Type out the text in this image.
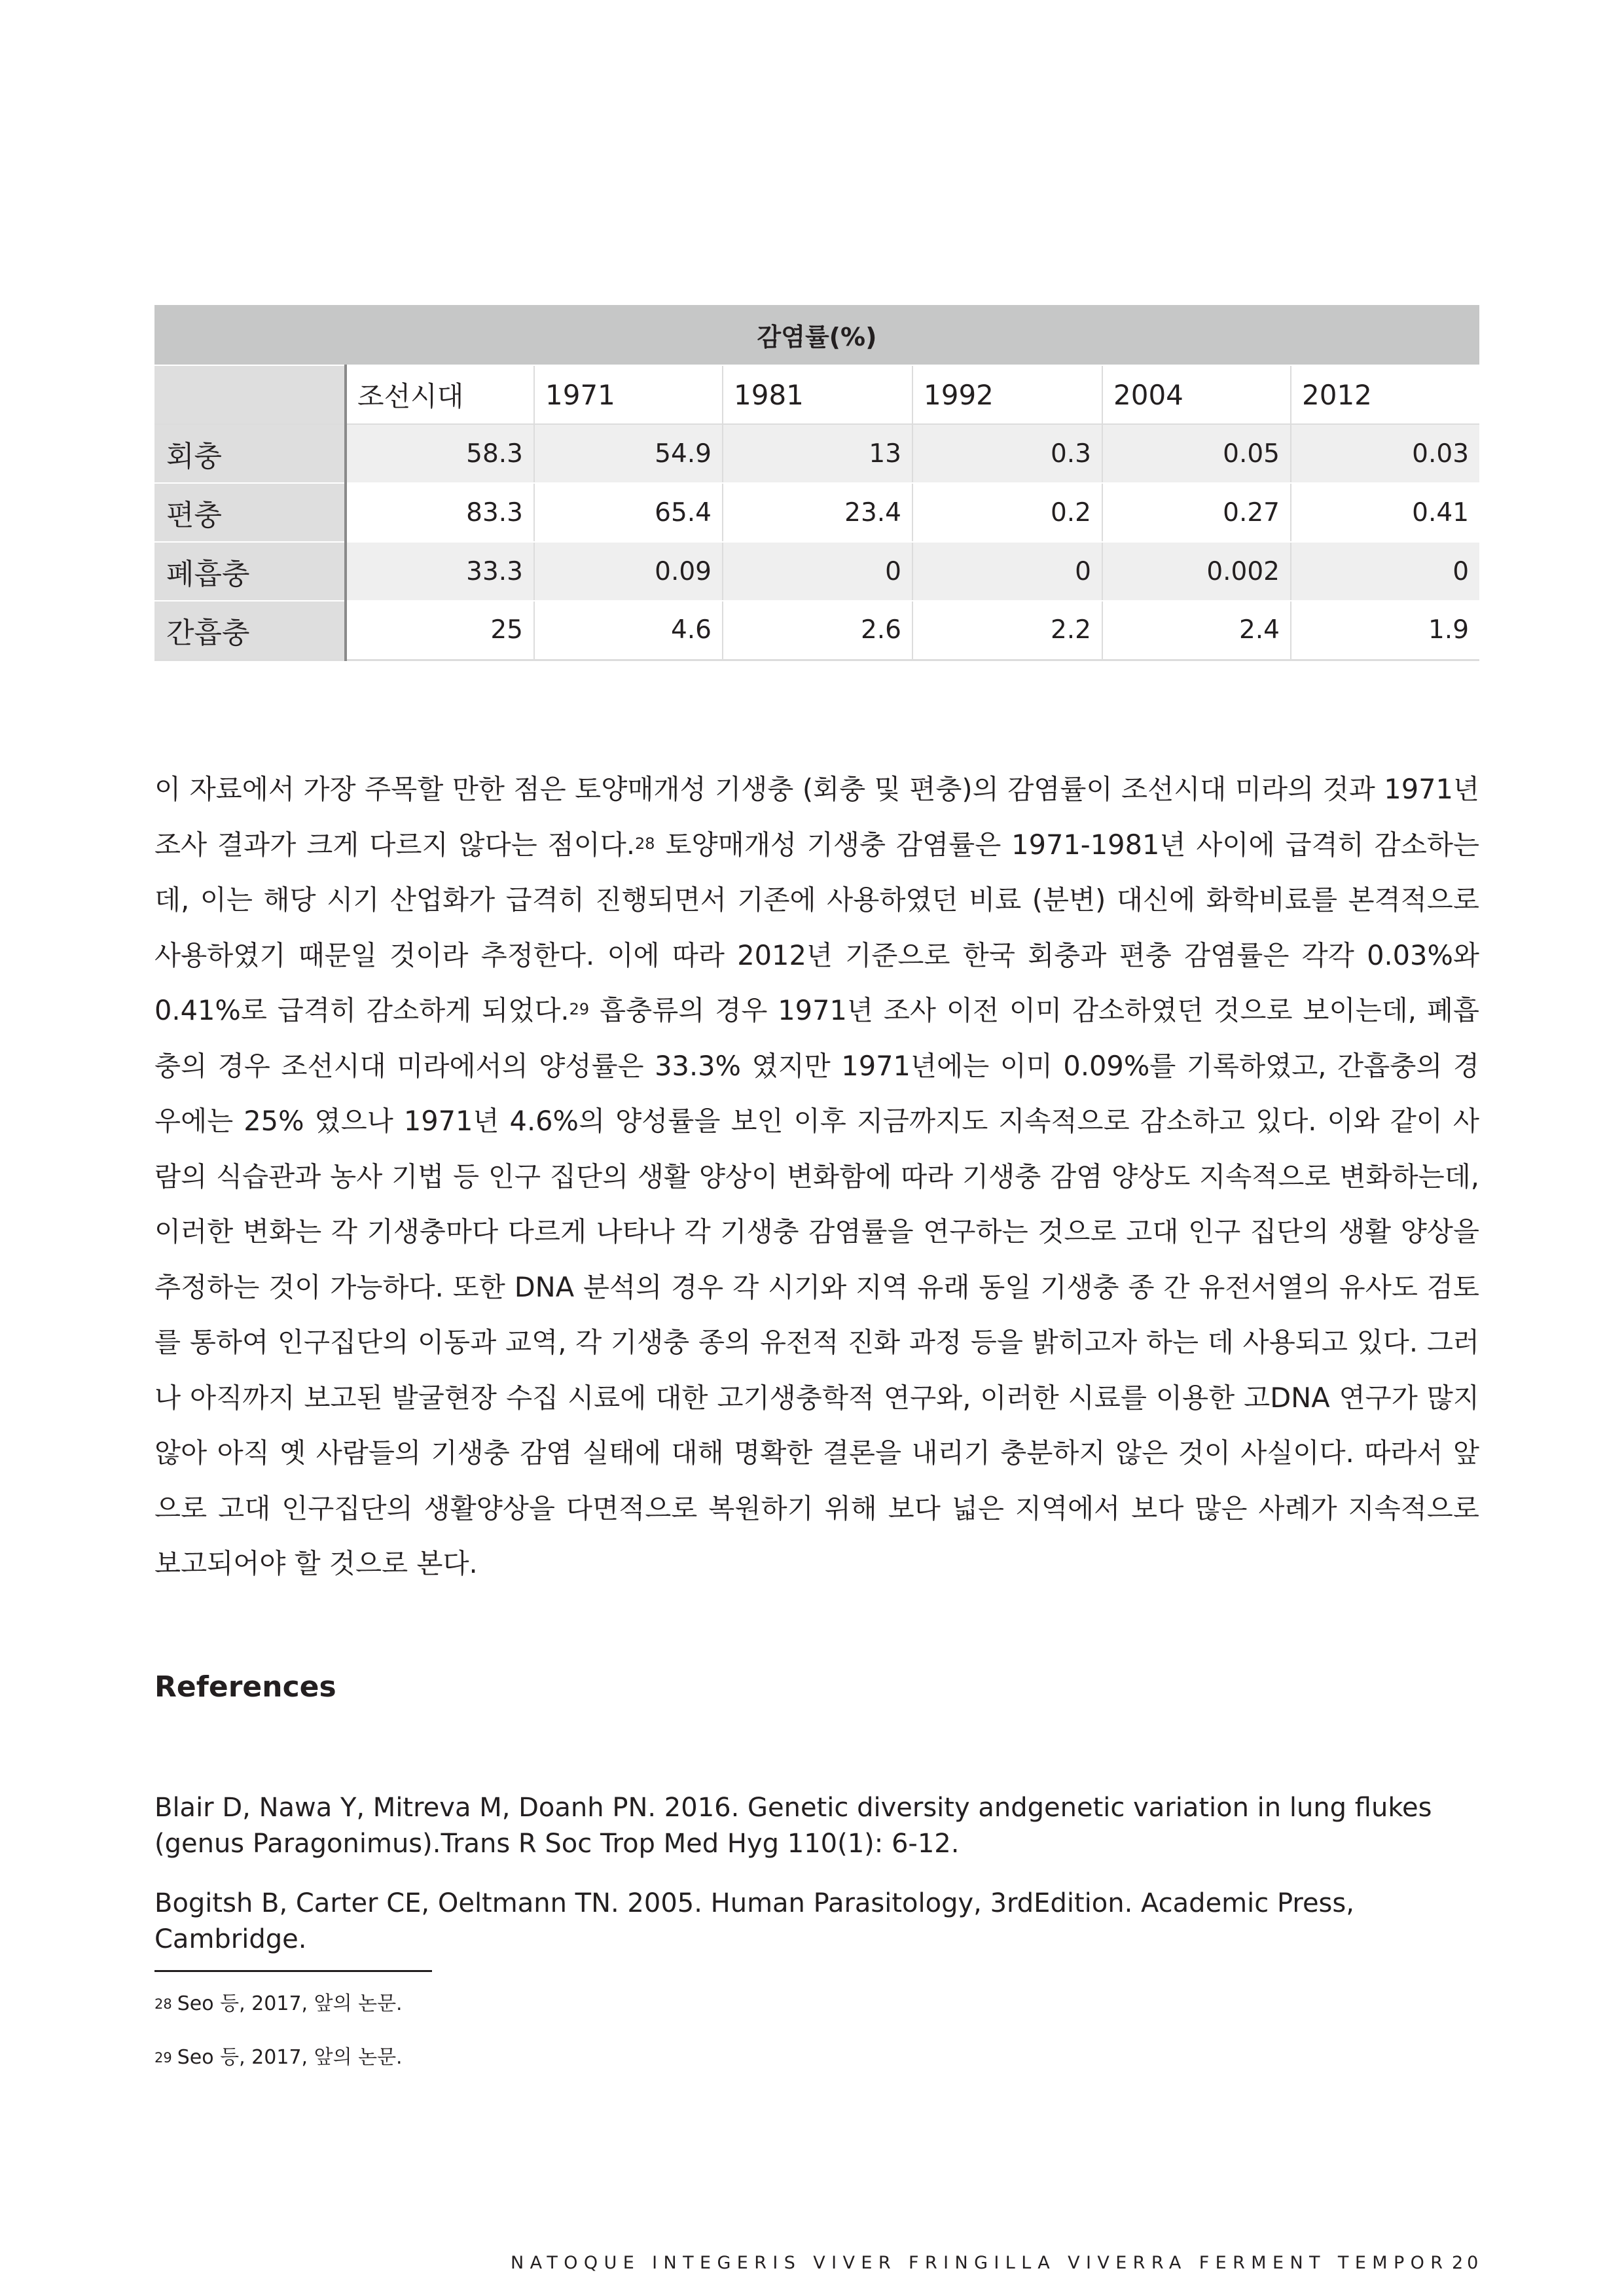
감염률(%)						
	조선시대	1971	1981	1992	2004	2012
회충	58.3	54.9	13	0.3	0.05	0.03
편충	83.3	65.4	23.4	0.2	0.27	0.41
폐흡충	33.3	0.09	0	0	0.002	0
간흡충	25	4.6	2.6	2.2	2.4	1.9

이 자료에서 가장 주목할 만한 점은 토양매개성 기생충 (회충 및 편충)의 감염률이 조선시대 미라의 것과 1971년 조사 결과가 크게 다르지 않다는 점이다.$^{28}$ 토양매개성 기생충 감염률은 1971-1981년 사이에 급격히 감소하는데, 이는 해당 시기 산업화가 급격히 진행되면서 기존에 사용하였던 비료 (분변) 대신에 화학비료를 본격적으로 사용하였기 때문일 것이라 추정한다. 이에 따라 2012년 기준으로 한국 회충과 편충 감염률은 각각 0.03%와 0.41%로 급격히 감소하게 되었다.$^{29}$ 흡충류의 경우 1971년 조사 이전 이미 감소하였던 것으로 보이는데, 폐흡충의 경우 조선시대 미라에서의 양성률은 33.3% 였지만 1971년에는 이미 0.09%를 기록하였고, 간흡충의 경우에는 25% 였으나 1971년 4.6%의 양성률을 보인 이후 지금까지도 지속적으로 감소하고 있다. 이와 같이 사람의 식습관과 농사 기법 등 인구 집단의 생활 양상이 변화함에 따라 기생충 감염 양상도 지속적으로 변화하는데, 이러한 변화는 각 기생충마다 다르게 나타나 각 기생충 감염률을 연구하는 것으로 고대 인구 집단의 생활 양상을 추정하는 것이 가능하다. 또한 DNA 분석의 경우 각 시기와 지역 유래 동일 기생충 종 간 유전서열의 유사도 검토를 통하여 인구집단의 이동과 교역, 각 기생충 종의 유전적 진화 과정 등을 밝히고자 하는 데 사용되고 있다. 그러나 아직까지 보고된 발굴현장 수집 시료에 대한 고기생충학적 연구와, 이러한 시료를 이용한 고DNA 연구가 많지 않아 아직 옛 사람들의 기생충 감염 실태에 대해 명확한 결론을 내리기 충분하지 않은 것이 사실이다. 따라서 앞으로 고대 인구집단의 생활양상을 다면적으로 복원하기 위해 보다 넓은 지역에서 보다 많은 사례가 지속적으로 보고되어야 할 것으로 본다.

References

Blair D, Nawa Y, Mitreva M, Doanh PN. 2016. Genetic diversity andgenetic variation in lung flukes (genus Paragonimus).Trans R Soc Trop Med Hyg 110(1): 6-12.

Bogitsh B, Carter CE, Oeltmann TN. 2005. Human Parasitology, 3rdEdition. Academic Press, Cambridge.

$^{28}$ Seo 등, 2017, 앞의 논문.
$^{29}$ Seo 등, 2017, 앞의 논문.
NATOQUE INTEGERIS VIVER FRINGILLA VIVERRA FERMENT TEMPOR 20
